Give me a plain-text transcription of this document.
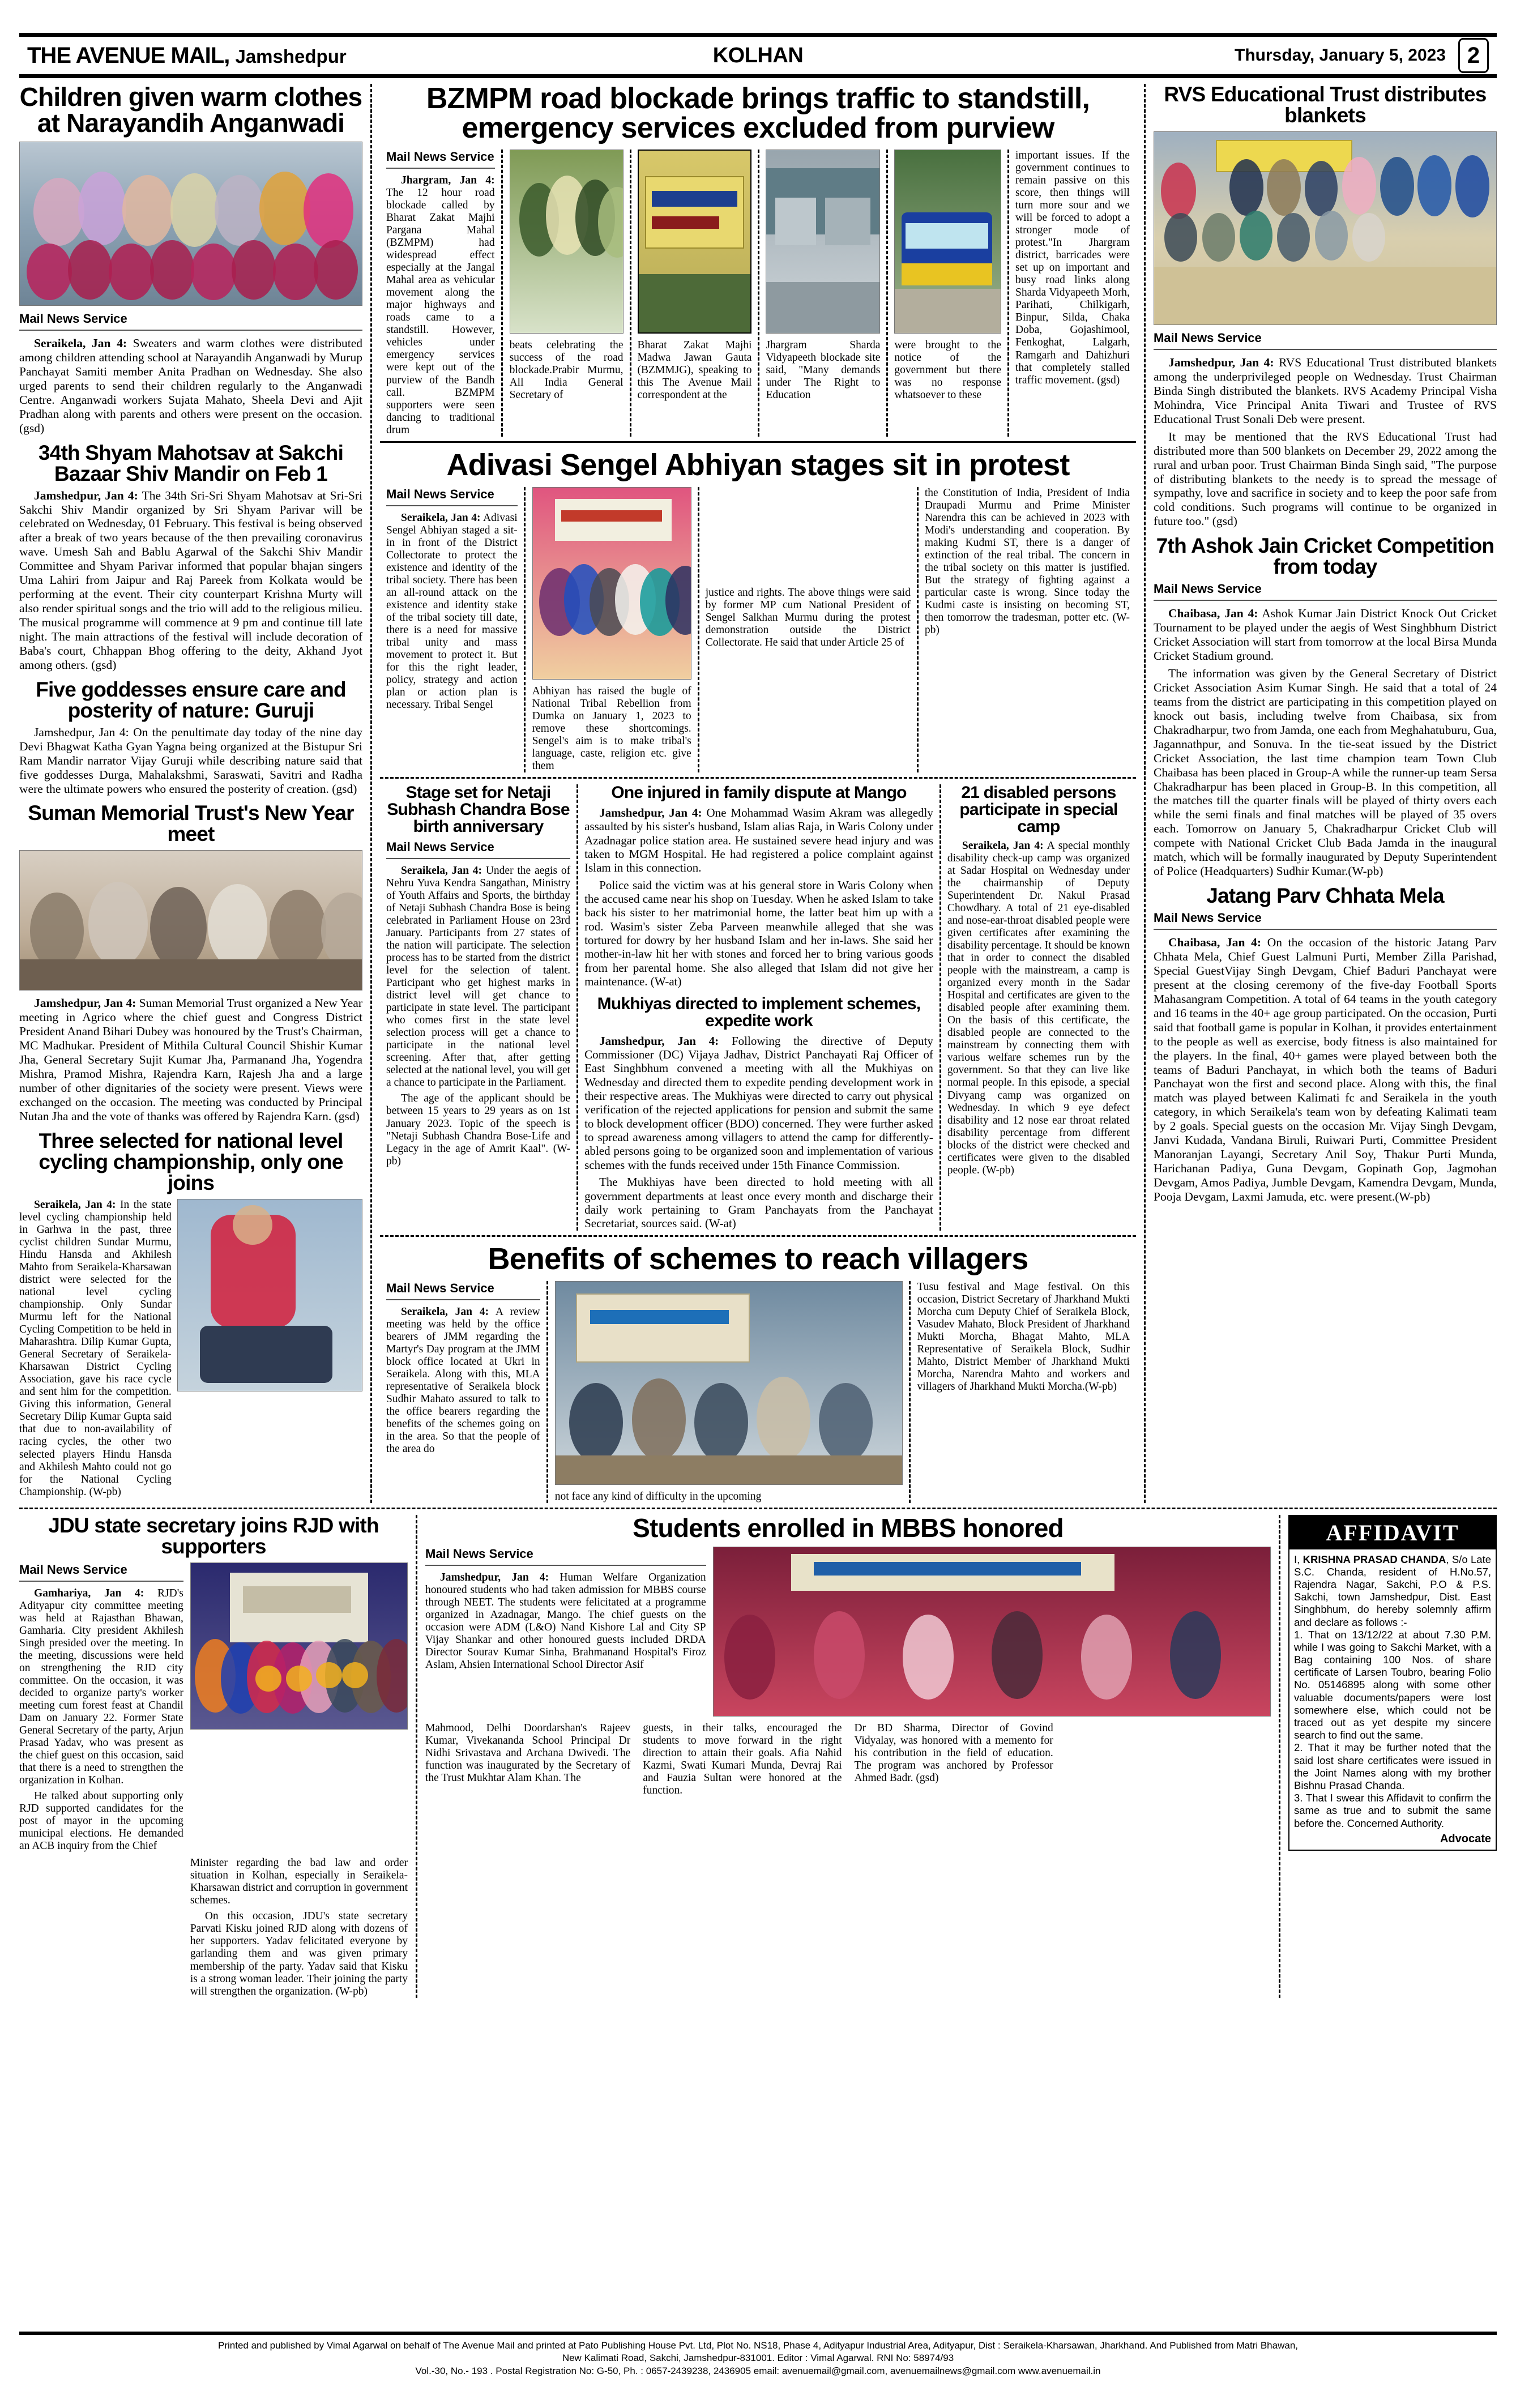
THE AVENUE MAIL, Jamshedpur	KOLHAN	Thursday, January 5, 2023 2
Children given warm clothes at Narayandih Anganwadi
Mail News Service

Seraikela, Jan 4: Sweaters and warm clothes were distributed among children attending school at Narayandih Anganwadi by Murup Panchayat Samiti member Anita Pradhan on Wednesday. She also urged parents to send their children regularly to the Anganwadi Centre. Anganwadi workers Sujata Mahato, Sheela Devi and Ajit Pradhan along with parents and others were present on the occasion. (gsd)

34th Shyam Mahotsav at Sakchi Bazaar Shiv Mandir on Feb 1

Jamshedpur, Jan 4: The 34th Sri-Sri Shyam Mahotsav at Sri-Sri Sakchi Shiv Mandir organized by Sri Shyam Parivar will be celebrated on Wednesday, 01 February. This festival is being observed after a break of two years because of the then prevailing coronavirus wave. Umesh Sah and Bablu Agarwal of the Sakchi Shiv Mandir Committee and Shyam Parivar informed that popular bhajan singers Uma Lahiri from Jaipur and Raj Pareek from Kolkata would be performing at the event. Their city counterpart Krishna Murty will also render spiritual songs and the trio will add to the religious milieu. The musical programme will commence at 9 pm and continue till late night. The main attractions of the festival will include decoration of Baba's court, Chhappan Bhog offering to the deity, Akhand Jyot among others. (gsd)

Five goddesses ensure care and posterity of nature: Guruji

Jamshedpur, Jan 4: On the penultimate day today of the nine day Devi Bhagwat Katha Gyan Yagna being organized at the Bistupur Sri Ram Mandir narrator Vijay Guruji while describing nature said that five goddesses Durga, Mahalakshmi, Saraswati, Savitri and Radha were the ultimate powers who ensured the posterity of creation. (gsd)

Suman Memorial Trust's New Year meet

Jamshedpur, Jan 4: Suman Memorial Trust organized a New Year meeting in Agrico where the chief guest and Congress District President Anand Bihari Dubey was honoured by the Trust's Chairman, MC Madhukar. President of Mithila Cultural Council Shishir Kumar Jha, General Secretary Sujit Kumar Jha, Parmanand Jha, Yogendra Mishra, Pramod Mishra, Rajendra Karn, Rajesh Jha and a large number of other dignitaries of the society were present. Views were exchanged on the occasion. The meeting was conducted by Principal Nutan Jha and the vote of thanks was offered by Rajendra Karn. (gsd)

Three selected for national level cycling championship, only one joins

Seraikela, Jan 4: In the state level cycling championship held in Garhwa in the past, three cyclist children Sundar Murmu, Hindu Hansda and Akhilesh Mahto from Seraikela-Kharsawan district were selected for the national level cycling championship. Only Sundar Murmu left for the National Cycling Competition to be held in Maharashtra. Dilip Kumar Gupta, General Secretary of Seraikela-Kharsawan District Cycling Association, gave his race cycle and sent him for the competition. Giving this information, General Secretary Dilip Kumar Gupta said that due to non-availability of racing cycles, the other two selected players Hindu Hansda and Akhilesh Mahto could not go for the National Cycling Championship. (W-pb)

BZMPM road blockade brings traffic to standstill, emergency services excluded from purview
Mail News Service

Jhargram, Jan 4: The 12 hour road blockade called by Bharat Zakat Majhi Pargana Mahal (BZMPM) had widespread effect especially at the Jangal Mahal area as vehicular movement along the major highways and roads came to a standstill. However, vehicles under emergency services were kept out of the purview of the Bandh call. BZMPM supporters were seen dancing to traditional drum

beats celebrating the success of the road blockade.Prabir Murmu, All India General Secretary of

Bharat Zakat Majhi Madwa Jawan Gauta (BZMMJG), speaking to this The Avenue Mail correspondent at the

Jhargram Sharda Vidyapeeth blockade site said, "Many demands under The Right to Education

were brought to the notice of the government but there was no response whatsoever to these

important issues. If the government continues to remain passive on this score, then things will turn more sour and we will be forced to adopt a stronger mode of protest."In Jhargram district, barricades were set up on important and busy road links along Sharda Vidyapeeth Morh, Parihati, Chilkigarh, Binpur, Silda, Chaka Doba, Gojashimool, Fenkoghat, Lalgarh, Ramgarh and Dahizhuri that completely stalled traffic movement. (gsd)

Adivasi Sengel Abhiyan stages sit in protest
Mail News Service

Seraikela, Jan 4: Adivasi Sengel Abhiyan staged a sit-in in front of the District Collectorate to protect the existence and identity of the tribal society. There has been an all-round attack on the existence and identity stake of the tribal society till date, there is a need for massive tribal unity and mass movement to protect it. But for this the right leader, policy, strategy and action plan or action plan is necessary. Tribal Sengel

Abhiyan has raised the bugle of National Tribal Rebellion from Dumka on January 1, 2023 to remove these shortcomings. Sengel's aim is to make tribal's language, caste, religion etc. give them

justice and rights. The above things were said by former MP cum National President of Sengel Salkhan Murmu during the protest demonstration outside the District Collectorate. He said that under Article 25 of

the Constitution of India, President of India Draupadi Murmu and Prime Minister Narendra this can be achieved in 2023 with Modi's understanding and cooperation. By making Kudmi ST, there is a danger of extinction of the real tribal. The concern in the tribal society on this matter is justified. But the strategy of fighting against a particular caste is wrong. Since today the Kudmi caste is insisting on becoming ST, then tomorrow the tradesman, potter etc. (W-pb)

Stage set for Netaji Subhash Chandra Bose birth anniversary
Mail News Service

Seraikela, Jan 4: Under the aegis of Nehru Yuva Kendra Sangathan, Ministry of Youth Affairs and Sports, the birthday of Netaji Subhash Chandra Bose is being celebrated in Parliament House on 23rd January. Participants from 27 states of the nation will participate. The selection process has to be started from the district level for the selection of talent. Participant who get highest marks in district level will get chance to participate in state level. The participant who comes first in the state level selection process will get a chance to participate in the national level screening. After that, after getting selected at the national level, you will get a chance to participate in the Parliament.

The age of the applicant should be between 15 years to 29 years as on 1st January 2023. Topic of the speech is "Netaji Subhash Chandra Bose-Life and Legacy in the age of Amrit Kaal". (W-pb)

One injured in family dispute at Mango

Jamshedpur, Jan 4: One Mohammad Wasim Akram was allegedly assaulted by his sister's husband, Islam alias Raja, in Waris Colony under Azadnagar police station area. He sustained severe head injury and was taken to MGM Hospital. He had registered a police complaint against Islam in this connection.

Police said the victim was at his general store in Waris Colony when the accused came near his shop on Tuesday. When he asked Islam to take back his sister to her matrimonial home, the latter beat him up with a rod. Wasim's sister Zeba Parveen meanwhile alleged that she was tortured for dowry by her husband Islam and her in-laws. She said her mother-in-law hit her with stones and forced her to bring various goods from her parental home. She also alleged that Islam did not give her maintenance. (W-at)

Mukhiyas directed to implement schemes, expedite work

Jamshedpur, Jan 4: Following the directive of Deputy Commissioner (DC) Vijaya Jadhav, District Panchayati Raj Officer of East Singhbhum convened a meeting with all the Mukhiyas on Wednesday and directed them to expedite pending development work in their respective areas. The Mukhiyas were directed to carry out physical verification of the rejected applications for pension and submit the same to block development officer (BDO) concerned. They were further asked to spread awareness among villagers to attend the camp for differently-abled persons going to be organized soon and implementation of various schemes with the funds received under 15th Finance Commission.

The Mukhiyas have been directed to hold meeting with all government departments at least once every month and discharge their daily work pertaining to Gram Panchayats from the Panchayat Secretariat, sources said. (W-at)

21 disabled persons participate in special camp

Seraikela, Jan 4: A special monthly disability check-up camp was organized at Sadar Hospital on Wednesday under the chairmanship of Deputy Superintendent Dr. Nakul Prasad Chowdhary. A total of 21 eye-disabled and nose-ear-throat disabled people were given certificates after examining the disability percentage. It should be known that in order to connect the disabled people with the mainstream, a camp is organized every month in the Sadar Hospital and certificates are given to the disabled people after examining them. On the basis of this certificate, the disabled people are connected to the mainstream by connecting them with various welfare schemes run by the government. So that they can live like normal people. In this episode, a special Divyang camp was organized on Wednesday. In which 9 eye defect disability and 12 nose ear throat related disability percentage from different blocks of the district were checked and certificates were given to the disabled people. (W-pb)

Benefits of schemes to reach villagers
Mail News Service

Seraikela, Jan 4: A review meeting was held by the office bearers of JMM regarding the Martyr's Day program at the JMM block office located at Ukri in Seraikela. Along with this, MLA representative of Seraikela block Sudhir Mahato assured to talk to the office bearers regarding the benefits of the schemes going on in the area. So that the people of the area do

not face any kind of difficulty in the upcoming

Tusu festival and Mage festival. On this occasion, District Secretary of Jharkhand Mukti Morcha cum Deputy Chief of Seraikela Block, Vasudev Mahato, Block President of Jharkhand Mukti Morcha, Bhagat Mahto, MLA Representative of Seraikela Block, Sudhir Mahto, District Member of Jharkhand Mukti Morcha, Narendra Mahto and workers and villagers of Jharkhand Mukti Morcha.(W-pb)

RVS Educational Trust distributes blankets
Mail News Service

Jamshedpur, Jan 4: RVS Educational Trust distributed blankets among the underprivileged people on Wednesday. Trust Chairman Binda Singh distributed the blankets. RVS Academy Principal Visha Mohindra, Vice Principal Anita Tiwari and Trustee of RVS Educational Trust Sonali Deb were present.

It may be mentioned that the RVS Educational Trust had distributed more than 500 blankets on December 29, 2022 among the rural and urban poor. Trust Chairman Binda Singh said, "The purpose of distributing blankets to the needy is to spread the message of sympathy, love and sacrifice in society and to keep the poor safe from cold conditions. Such programs will continue to be organized in future too." (gsd)

7th Ashok Jain Cricket Competition from today
Mail News Service

Chaibasa, Jan 4: Ashok Kumar Jain District Knock Out Cricket Tournament to be played under the aegis of West Singhbhum District Cricket Association will start from tomorrow at the local Birsa Munda Cricket Stadium ground.

The information was given by the General Secretary of District Cricket Association Asim Kumar Singh. He said that a total of 24 teams from the district are participating in this competition played on knock out basis, including twelve from Chaibasa, six from Chakradharpur, two from Jamda, one each from Meghahatuburu, Gua, Jagannathpur, and Sonuva. In the tie-seat issued by the District Cricket Association, the last time champion team Town Club Chaibasa has been placed in Group-A while the runner-up team Sersa Chakradharpur has been placed in Group-B. In this competition, all the matches till the quarter finals will be played of thirty overs each while the semi finals and final matches will be played of 35 overs each. Tomorrow on January 5, Chakradharpur Cricket Club will compete with National Cricket Club Bada Jamda in the inaugural match, which will be formally inaugurated by Deputy Superintendent of Police (Headquarters) Sudhir Kumar.(W-pb)

Jatang Parv Chhata Mela
Mail News Service

Chaibasa, Jan 4: On the occasion of the historic Jatang Parv Chhata Mela, Chief Guest Lalmuni Purti, Member Zilla Parishad, Special GuestVijay Singh Devgam, Chief Baduri Panchayat were present at the closing ceremony of the five-day Football Sports Mahasangram Competition. A total of 64 teams in the youth category and 16 teams in the 40+ age group participated. On the occasion, Purti said that football game is popular in Kolhan, it provides entertainment to the people as well as exercise, body fitness is also maintained for the players. In the final, 40+ games were played between both the teams of Baduri Panchayat, in which both the teams of Baduri Panchayat won the first and second place. Along with this, the final match was played between Kalimati fc and Seraikela in the youth category, in which Seraikela's team won by defeating Kalimati team by 2 goals. Special guests on the occasion Mr. Vijay Singh Devgam, Janvi Kudada, Vandana Biruli, Ruiwari Purti, Committee President Manoranjan Layangi, Secretary Anil Soy, Thakur Purti Munda, Harichanan Padiya, Guna Devgam, Gopinath Gop, Jagmohan Devgam, Amos Padiya, Jumble Devgam, Kamendra Devgam, Munda, Pooja Devgam, Laxmi Jamuda, etc. were present.(W-pb)

JDU state secretary joins RJD with supporters
Mail News Service

Gamhariya, Jan 4: RJD's Adityapur city committee meeting was held at Rajasthan Bhawan, Gamharia. City president Akhilesh Singh presided over the meeting. In the meeting, discussions were held on strengthening the RJD city committee. On the occasion, it was decided to organize party's worker meeting cum forest feast at Chandil Dam on January 22. Former State General Secretary of the party, Arjun Prasad Yadav, who was present as the chief guest on this occasion, said that there is a need to strengthen the organization in Kolhan.

He talked about supporting only RJD supported candidates for the post of mayor in the upcoming municipal elections. He demanded an ACB inquiry from the Chief

Minister regarding the bad law and order situation in Kolhan, especially in Seraikela-Kharsawan district and corruption in government schemes.

On this occasion, JDU's state secretary Parvati Kisku joined RJD along with dozens of her supporters. Yadav felicitated everyone by garlanding them and was given primary membership of the party. Yadav said that Kisku is a strong woman leader. Their joining the party will strengthen the organization. (W-pb)

Students enrolled in MBBS honored
Mail News Service

Jamshedpur, Jan 4: Human Welfare Organization honoured students who had taken admission for MBBS course through NEET. The students were felicitated at a programme organized in Azadnagar, Mango. The chief guests on the occasion were ADM (L&O) Nand Kishore Lal and City SP Vijay Shankar and other honoured guests included DRDA Director Sourav Kumar Sinha, Brahmanand Hospital's Firoz Aslam, Ahsien International School Director Asif

Mahmood, Delhi Doordarshan's Rajeev Kumar, Vivekananda School Principal Dr Nidhi Srivastava and Archana Dwivedi. The function was inaugurated by the Secretary of the Trust Mukhtar Alam Khan. The

guests, in their talks, encouraged the students to move forward in the right direction to attain their goals. Afia Nahid Kazmi, Swati Kumari Munda, Devraj Rai and Fauzia Sultan were honored at the function.

Dr BD Sharma, Director of Govind Vidyalay, was honored with a memento for his contribution in the field of education. The program was anchored by Professor Ahmed Badr. (gsd)

AFFIDAVIT

I, KRISHNA PRASAD CHANDA, S/o Late S.C. Chanda, resident of H.No.57, Rajendra Nagar, Sakchi, P.O & P.S. Sakchi, town Jamshedpur, Dist. East Singhbhum, do hereby solemnly affirm and declare as follows :-

1. That on 13/12/22 at about 7.30 P.M. while I was going to Sakchi Market, with a Bag containing 100 Nos. of share certificate of Larsen Toubro, bearing Folio No. 05146895 along with some other valuable documents/papers were lost somewhere else, which could not be traced out as yet despite my sincere search to find out the same.

2. That it may be further noted that the said lost share certificates were issued in the Joint Names along with my brother Bishnu Prasad Chanda.

3. That I swear this Affidavit to confirm the same as true and to submit the same before the. Concerned Authority.

Advocate

Printed and published by Vimal Agarwal on behalf of The Avenue Mail and printed at Pato Publishing House Pvt. Ltd, Plot No. NS18, Phase 4, Adityapur Industrial Area, Adityapur, Dist : Seraikela-Kharsawan, Jharkhand. And Published from Matri Bhawan,

New Kalimati Road, Sakchi, Jamshedpur-831001. Editor : Vimal Agarwal. RNI No: 58974/93

Vol.-30, No.- 193 . Postal Registration No: G-50, Ph. : 0657-2439238, 2436905 email: avenuemail@gmail.com, avenuemailnews@gmail.com www.avenuemail.in
